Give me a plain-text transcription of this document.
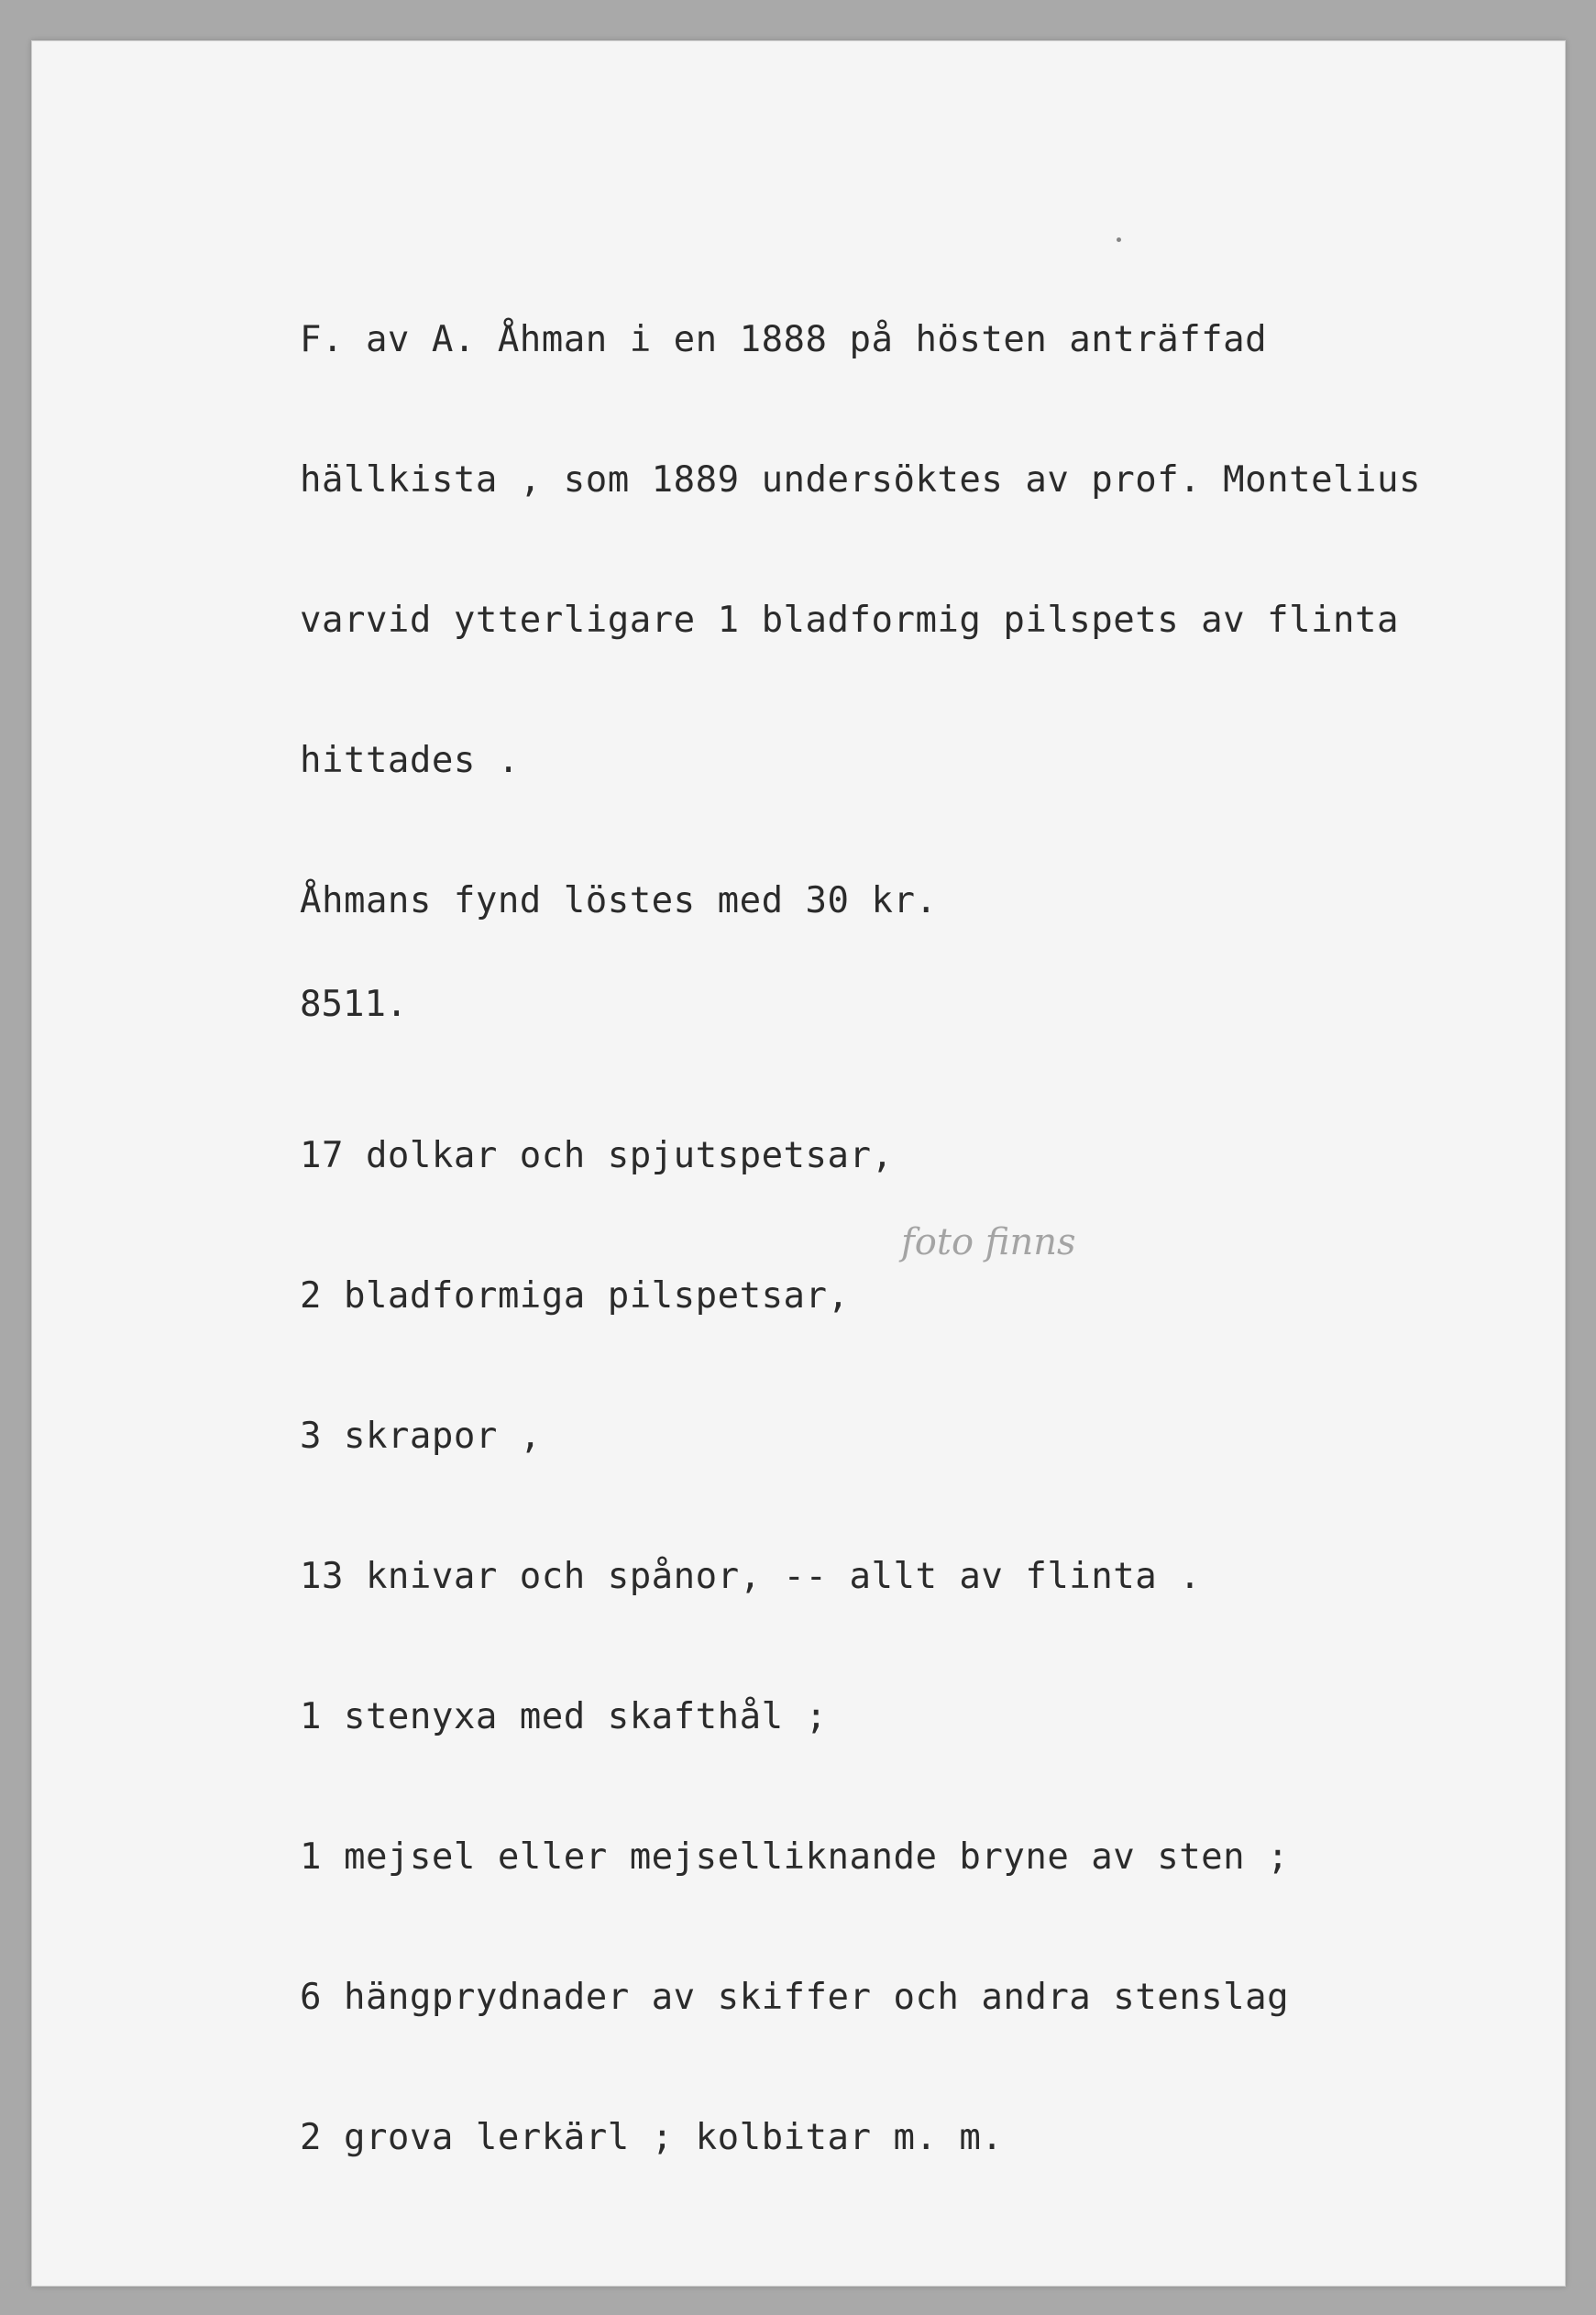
F. av A. Åhman i en 1888 på hösten anträffad

hällkista , som 1889 undersöktes av prof. Montelius

varvid ytterligare 1 bladformig pilspets av flinta

hittades .

Åhmans fynd löstes med 30 kr.

8511.

17 dolkar och spjutspetsar,

2 bladformiga pilspetsar,

3 skrapor ,

13 knivar och spånor, -- allt av flinta .

1 stenyxa med skafthål ;

1 mejsel eller mejselliknande bryne av sten ;

6 hängprydnader av skiffer och andra stenslag

2 grova lerkärl ; kolbitar m. m.

foto finns
